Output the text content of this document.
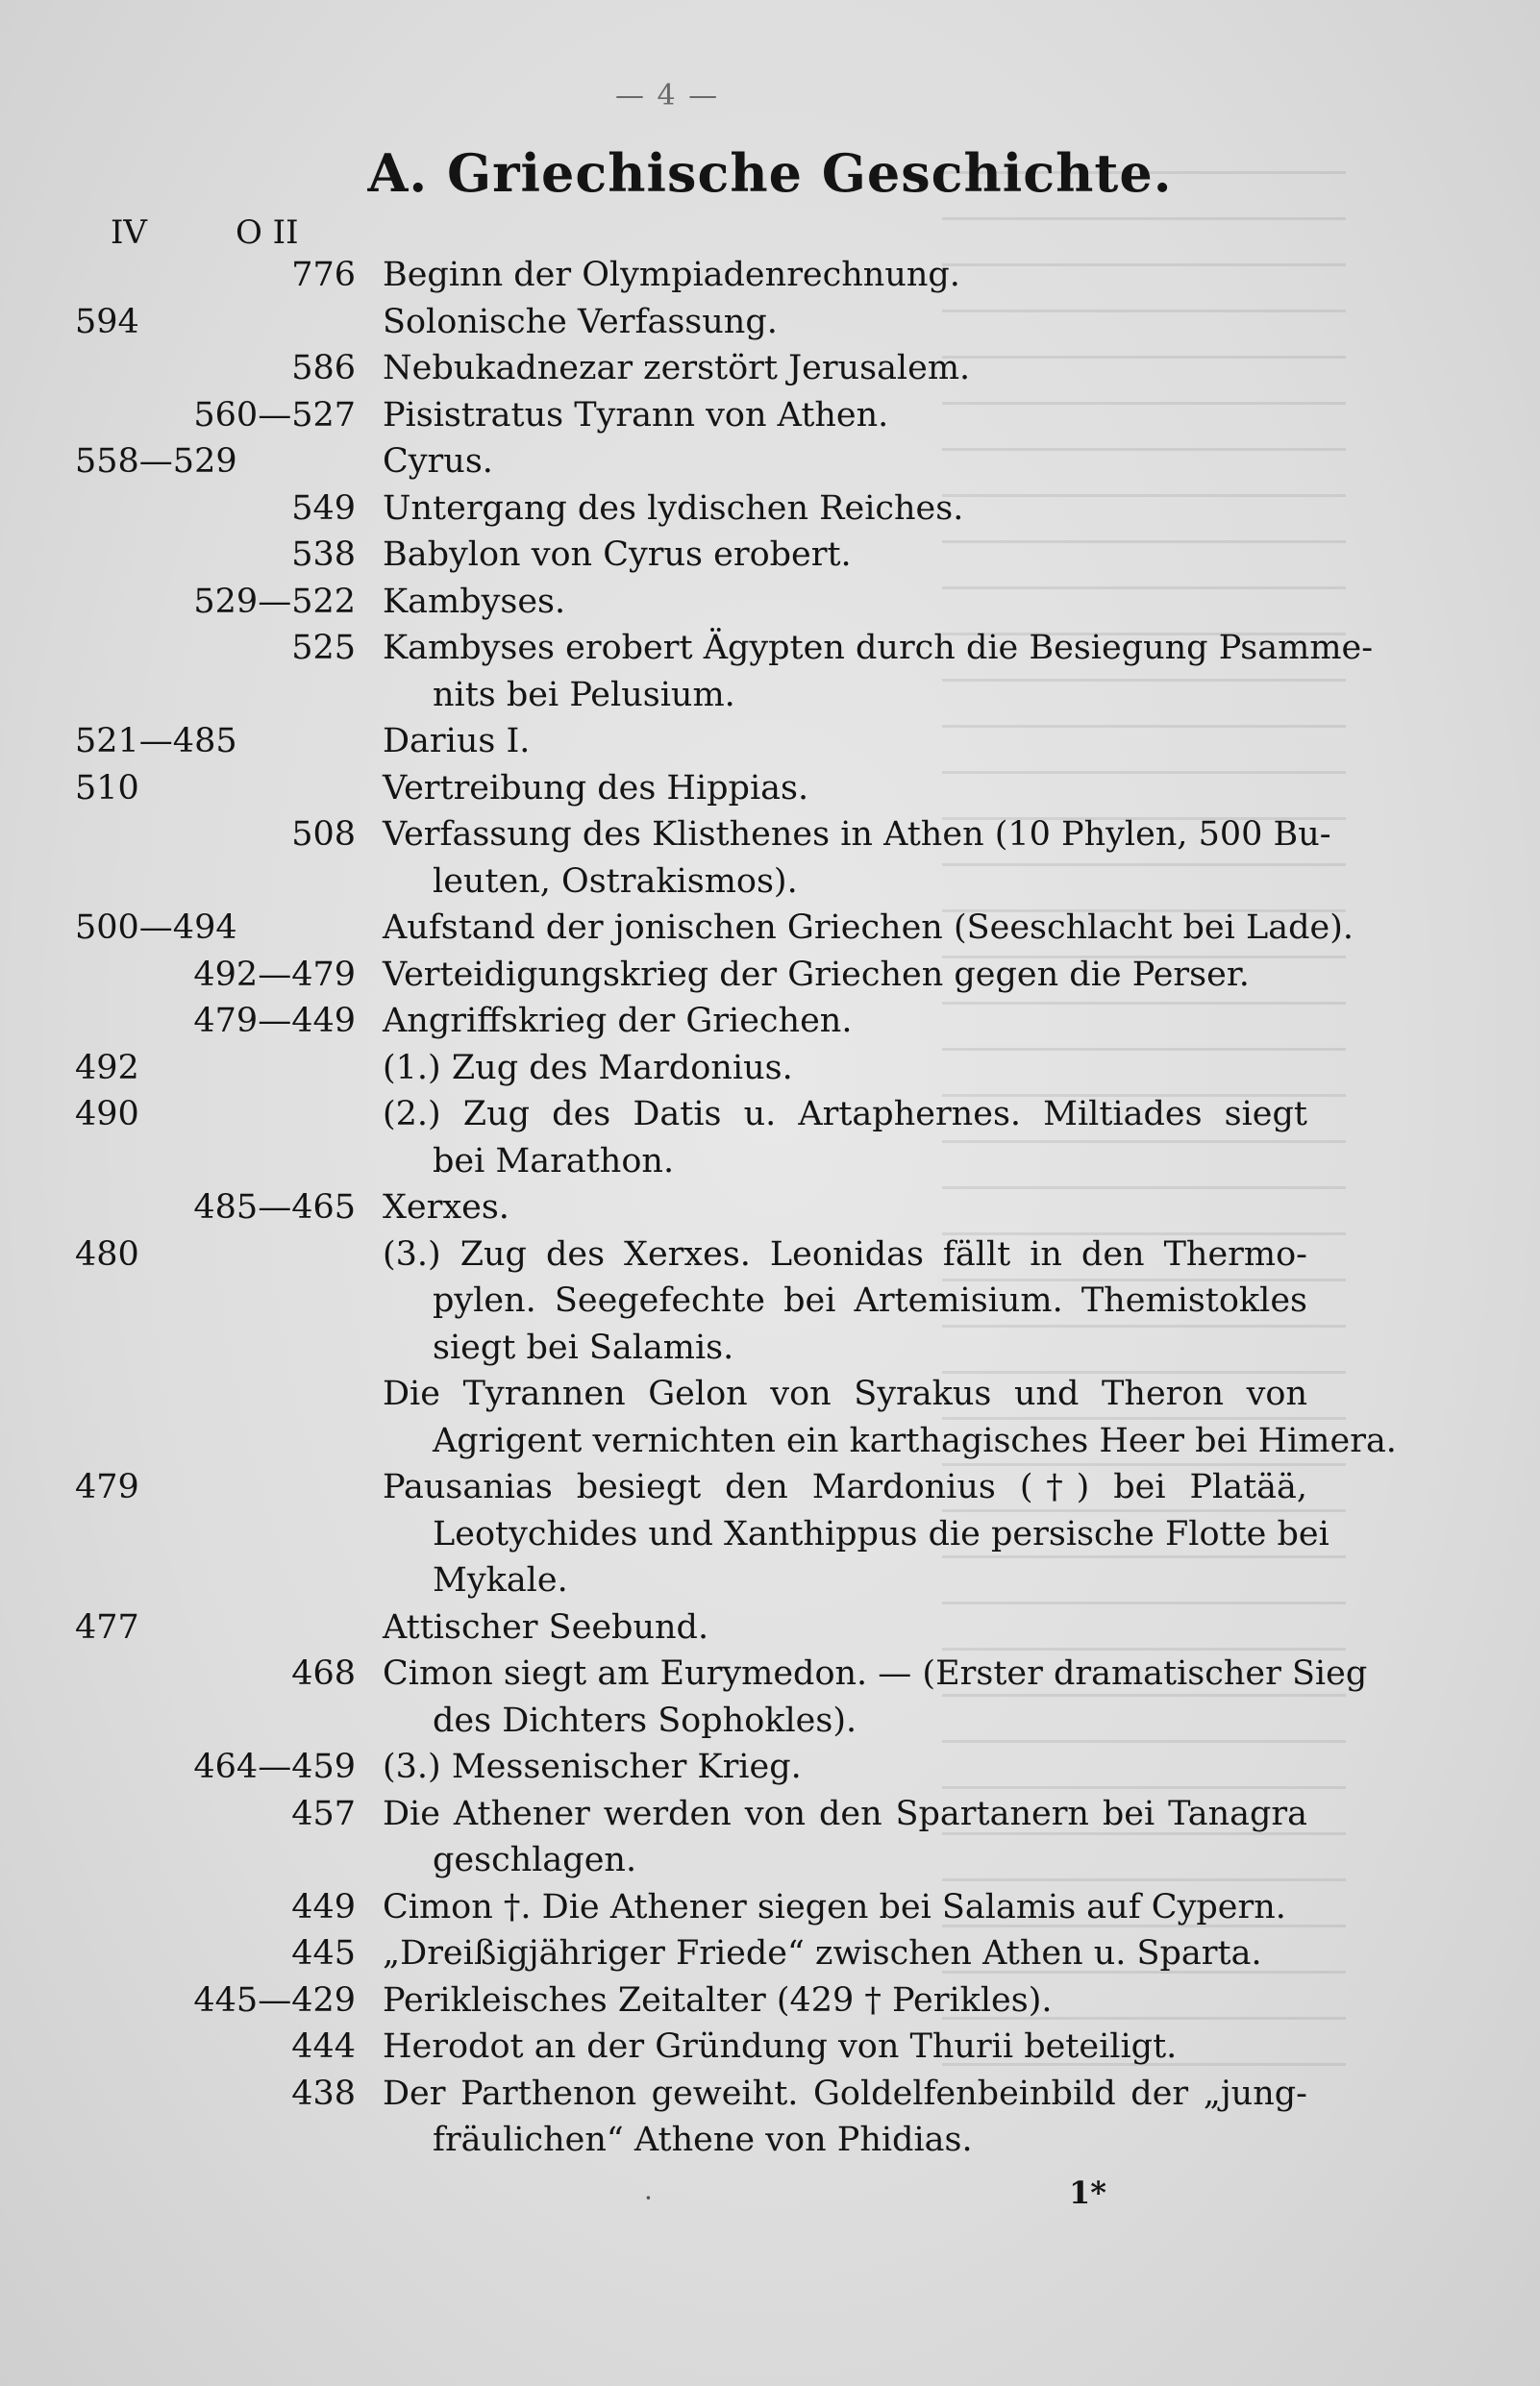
— 4 —
A. Griechische Geschichte.
IV	O II
776 Beginn der Olympiadenrechnung.
594	Solonische Verfassung.
586 Nebukadnezar zerstört Jerusalem.
560—527 Pisistratus Tyrann von Athen.
558—529	Cyrus.
549 Untergang des lydischen Reiches.
538 Babylon von Cyrus erobert.
529—522 Kambyses.
525 Kambyses erobert Ägypten durch die Besiegung Psamme-
nits bei Pelusium.
521—485	Darius I.
510	Vertreibung des Hippias.
508 Verfassung des Klisthenes in Athen (10 Phylen, 500 Bu-
leuten, Ostrakismos).
500—494	Aufstand der jonischen Griechen (Seeschlacht bei Lade).
492—479 Verteidigungskrieg der Griechen gegen die Perser.
479—449 Angriffskrieg der Griechen.
492	(1.) Zug des Mardonius.
490	(2.) Zug des Datis u. Artaphernes. Miltiades siegt
bei Marathon.
485—465 Xerxes.
480	(3.) Zug des Xerxes. Leonidas fällt in den Thermo-
pylen. Seegefechte bei Artemisium. Themistokles
siegt bei Salamis.
Die Tyrannen Gelon von Syrakus und Theron von
Agrigent vernichten ein karthagisches Heer bei Himera.
479	Pausanias besiegt den Mardonius (†) bei Platää,
Leotychides und Xanthippus die persische Flotte bei
Mykale.
477	Attischer Seebund.
468 Cimon siegt am Eurymedon. — (Erster dramatischer Sieg
des Dichters Sophokles).
464—459 (3.) Messenischer Krieg.
457 Die Athener werden von den Spartanern bei Tanagra
geschlagen.
449 Cimon †. Die Athener siegen bei Salamis auf Cypern.
445 „Dreißigjähriger Friede“ zwischen Athen u. Sparta.
445—429 Perikleisches Zeitalter (429 † Perikles).
444 Herodot an der Gründung von Thurii beteiligt.
438 Der Parthenon geweiht. Goldelfenbeinbild der „jung-
fräulichen“ Athene von Phidias.
·	1*
